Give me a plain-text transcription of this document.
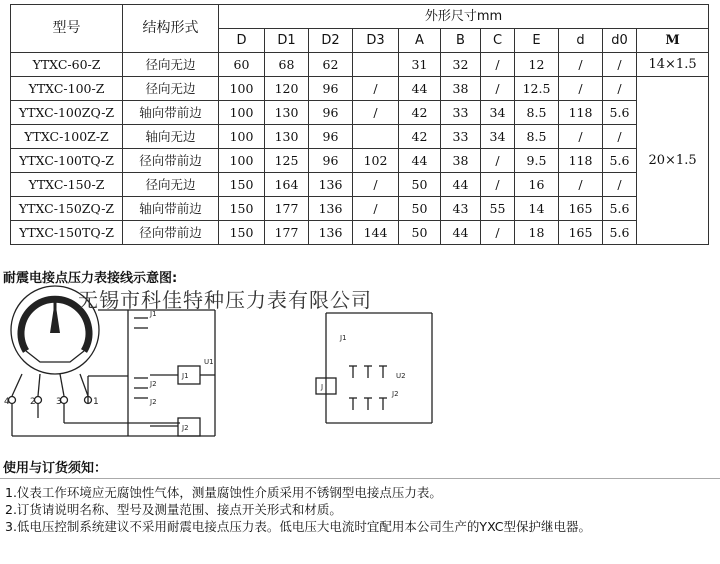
型号	结构形式	外形尺寸mm										
		D	D1	D2	D3	A	B	C	E	d	d0	M
YTXC-60-Z	径向无边	60	68	62		31	32	/	12	/	/	14×1.5
YTXC-100-Z	径向无边	100	120	96	/	44	38	/	12.5	/	/	20×1.5
YTXC-100ZQ-Z	轴向带前边	100	130	96	/	42	33	34	8.5	118	5.6	
YTXC-100Z-Z	轴向无边	100	130	96		42	33	34	8.5	/	/	
YTXC-100TQ-Z	径向带前边	100	125	96	102	44	38	/	9.5	118	5.6	
YTXC-150-Z	径向无边	150	164	136	/	50	44	/	16	/	/	
YTXC-150ZQ-Z	轴向带前边	150	177	136	/	50	43	55	14	165	5.6	
YTXC-150TQ-Z	径向带前边	150	177	136	144	50	44	/	18	165	5.6	
耐震电接点压力表接线示意图:
4 2 3	1
J1
U1
J1
J2
J2
J2
J1
J
U2
J2
无锡市科佳特种压力表有限公司
使用与订货须知：
1.仪表工作环境应无腐蚀性气体，测量腐蚀性介质采用不锈钢型电接点压力表。
2.订货请说明名称、型号及测量范围、接点开关形式和材质。
3.低电压控制系统建议不采用耐震电接点压力表。低电压大电流时宜配用本公司生产的YXC型保护继电器。
